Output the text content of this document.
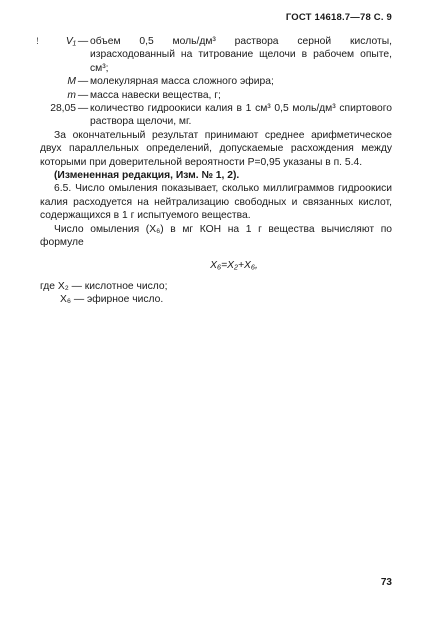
ГОСТ 14618.7—78 С. 9
!	V₁ — объем 0,5 моль/дм³ раствора серной кислоты, израсходованный на титрование щелочи в рабочем опыте, см³;
M — молекулярная масса сложного эфира;
m — масса навески вещества, г;
28,05 — количество гидроокиси калия в 1 см³ 0,5 моль/дм³ спиртового раствора щелочи, мг.

За окончательный результат принимают среднее арифметическое двух параллельных определений, допускаемые расхождения между которыми при доверительной вероятности P=0,95 указаны в п. 5.4.

(Измененная редакция, Изм. № 1, 2).

6.5. Число омыления показывает, сколько миллиграммов гидроокиси калия расходуется на нейтрализацию свободных и связанных кислот, содержащихся в 1 г испытуемого вещества.

Число омыления (X₆) в мг КОН на 1 г вещества вычисляют по формуле

X₆=X₂+X₆,

где X₂ — кислотное число;

X₆ — эфирное число.

73
